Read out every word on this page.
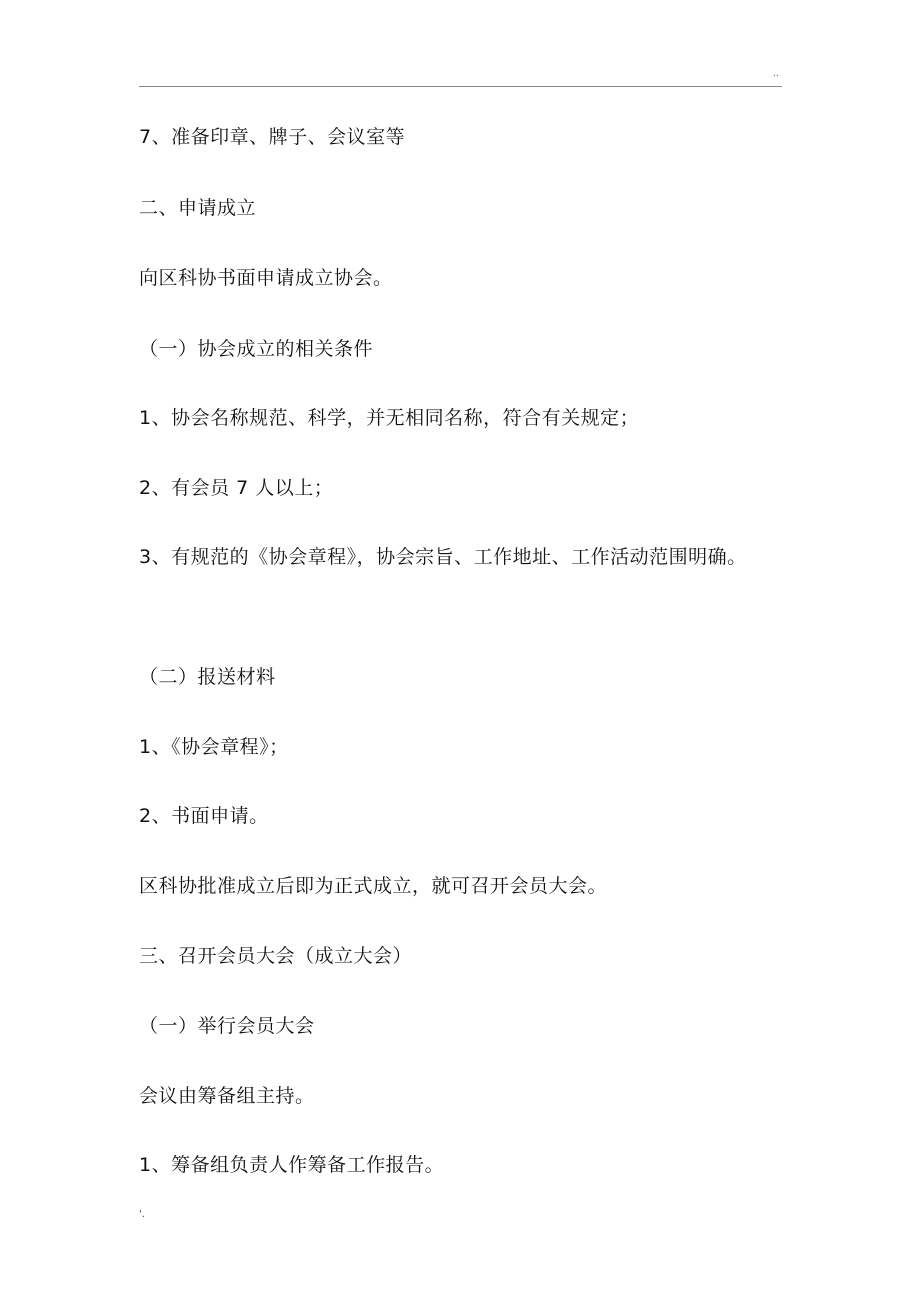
..

7、准备印章、牌子、会议室等

二、申请成立

向区科协书面申请成立协会。

（一）协会成立的相关条件

1、协会名称规范、科学，并无相同名称，符合有关规定；

2、有会员 7 人以上；

3、有规范的《协会章程》，协会宗旨、工作地址、工作活动范围明确。

（二）报送材料

1、《协会章程》；

2、书面申请。

区科协批准成立后即为正式成立，就可召开会员大会。

三、召开会员大会（成立大会）

（一）举行会员大会

会议由筹备组主持。

1、筹备组负责人作筹备工作报告。

'.
